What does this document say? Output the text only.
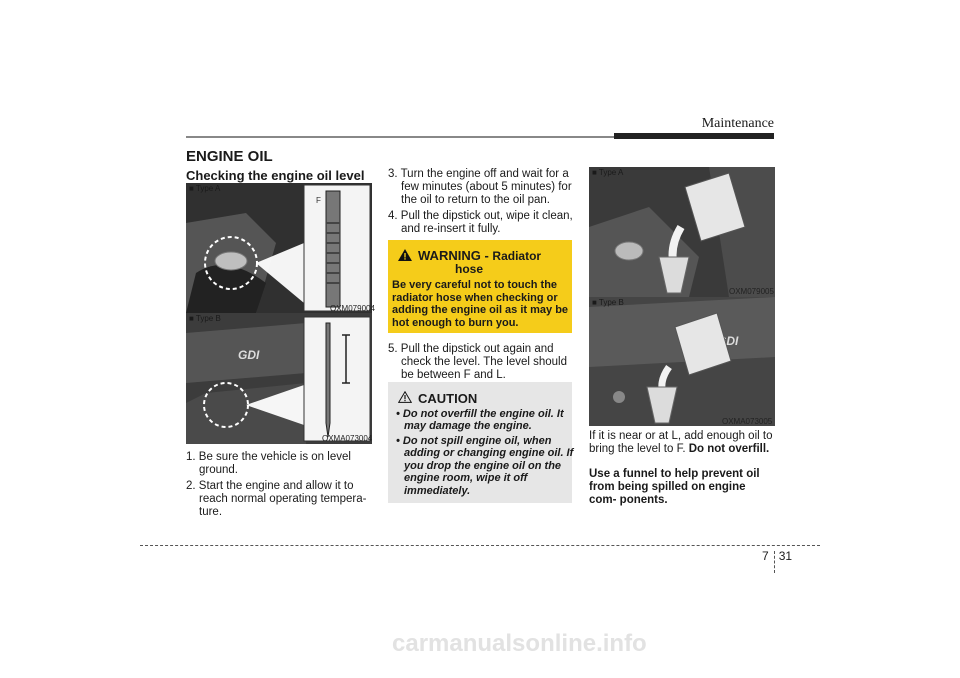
Maintenance
ENGINE OIL
Checking the engine oil level
■ Type A
F
OXM079004
■ Type B
GDI
OXMA073004
1. Be sure the vehicle is on level ground.
2. Start the engine and allow it to reach normal operating tempera- ture.
3. Turn the engine off and wait for a few minutes (about 5 minutes) for the oil to return to the oil pan.
4. Pull the dipstick out, wipe it clean, and re-insert it fully.
WARNING - Radiator
hose
Be very careful not to touch the radiator hose when checking or adding the engine oil as it may be hot enough to burn you.
5. Pull the dipstick out again and check the level. The level should be between F and L.
CAUTION
• Do not overfill the engine oil. It may damage the engine.
• Do not spill engine oil, when adding or changing engine oil. If you drop the engine oil on the engine room, wipe it off immediately.
■ Type A
OXM079005
GDI
■ Type B
OXMA073005
If it is near or at L, add enough oil to bring the level to F. Do not overfill.
Use a funnel to help prevent oil from being spilled on engine com- ponents.
7 31
carmanualsonline.info
